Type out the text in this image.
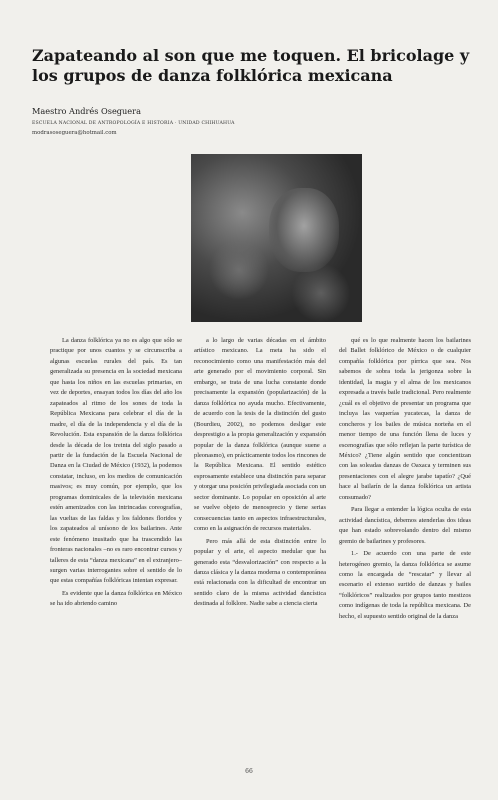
Zapateando al son que me toquen. El bricolage y los grupos de danza folklórica mexicana
Maestro Andrés Oseguera
ESCUELA NACIONAL DE ANTROPOLOGÍA E HISTORIA · UNIDAD CHIHUAHUA
modrasoseguera@hotmail.com

La danza folklórica ya no es algo que sólo se practique por unos cuantos y se circunscriba a algunas escuelas rurales del país. Es tan generalizada su presencia en la sociedad mexicana que hasta los niños en las escuelas primarias, en vez de deportes, ensayan todos los días del año los zapateados al ritmo de los sones de toda la República Mexicana para celebrar el día de la madre, el día de la independencia y el día de la Revolución. Esta expansión de la danza folklórica desde la década de los treinta del siglo pasado a partir de la fundación de la Escuela Nacional de Danza en la Ciudad de México (1932), la podemos constatar, incluso, en los medios de comunicación masivos; es muy común, por ejemplo, que los programas dominicales de la televisión mexicana estén amenizados con las intrincadas coreografías, las vueltas de las faldas y los faldones floridos y los zapateados al unísono de los bailarines. Ante este fenómeno inusitado que ha trascendido las fronteras nacionales –no es raro encontrar cursos y talleres de esta “danza mexicana” en el extranjero– surgen varias interrogantes sobre el sentido de lo que estas compañías folklóricas intentan expresar.

Es evidente que la danza folklórica en México se ha ido abriendo camino

a lo largo de varias décadas en el ámbito artístico mexicano. La meta ha sido el reconocimiento como una manifestación más del arte generado por el movimiento corporal. Sin embargo, se trata de una lucha constante donde precisamente la expansión (popularización) de la danza folklórica no ayuda mucho. Efectivamente, de acuerdo con la tesis de la distinción del gusto (Bourdieu, 2002), no podemos desligar este desprestigio a la propia generalización y expansión popular de la danza folklórica (aunque suene a pleonasmo), en prácticamente todos los rincones de la República Mexicana. El sentido estético esprosamente establece una distinción para separar y otorgar una posición privilegiada asociada con un sector dominante. Lo popular en oposición al arte se vuelve objeto de menosprecio y tiene serias consecuencias tanto en aspectos infraestructurales, como en la asignación de recursos materiales.

Pero más allá de esta distinción entre lo popular y el arte, el aspecto medular que ha generado esta “desvalorización” con respecto a la danza clásica y la danza moderna o contemporánea está relacionada con la dificultad de encontrar un sentido claro de la misma actividad dancística destinada al folklore. Nadie sabe a ciencia cierta

qué es lo que realmente hacen los bailarines del Ballet folklórico de México o de cualquier compañía folklórica por pírrica que sea. Nos sabemos de sobra toda la jerigonza sobre la identidad, la magia y el alma de los mexicanos expresada a través baile tradicional. Pero realmente ¿cuál es el objetivo de presentar un programa que incluya las vaquerías yucatecas, la danza de concheros y los bailes de música norteña en el menor tiempo de una función llena de luces y escenografías que sólo reflejan la parte turística de México? ¿Tiene algún sentido que concientizan con las soleadas danzas de Oaxaca y terminen sus presentaciones con el alegre jarabe tapatío? ¿Qué hace al bailarín de la danza folklórica un artista consumado?

Para llegar a entender la lógica oculta de esta actividad dancística, debemos atenderlas dos ideas que han estado sobrevolando dentro del mismo gremio de bailarines y profesores.

1.- De acuerdo con una parte de este heterogéneo gremio, la danza folklórica se asume como la encargada de “rescatar” y llevar al escenario el extenso surtido de danzas y bailes “folklóricos” realizados por grupos tanto mestizos como indígenas de toda la república mexicana. De hecho, el supuesto sentido original de la danza

66
